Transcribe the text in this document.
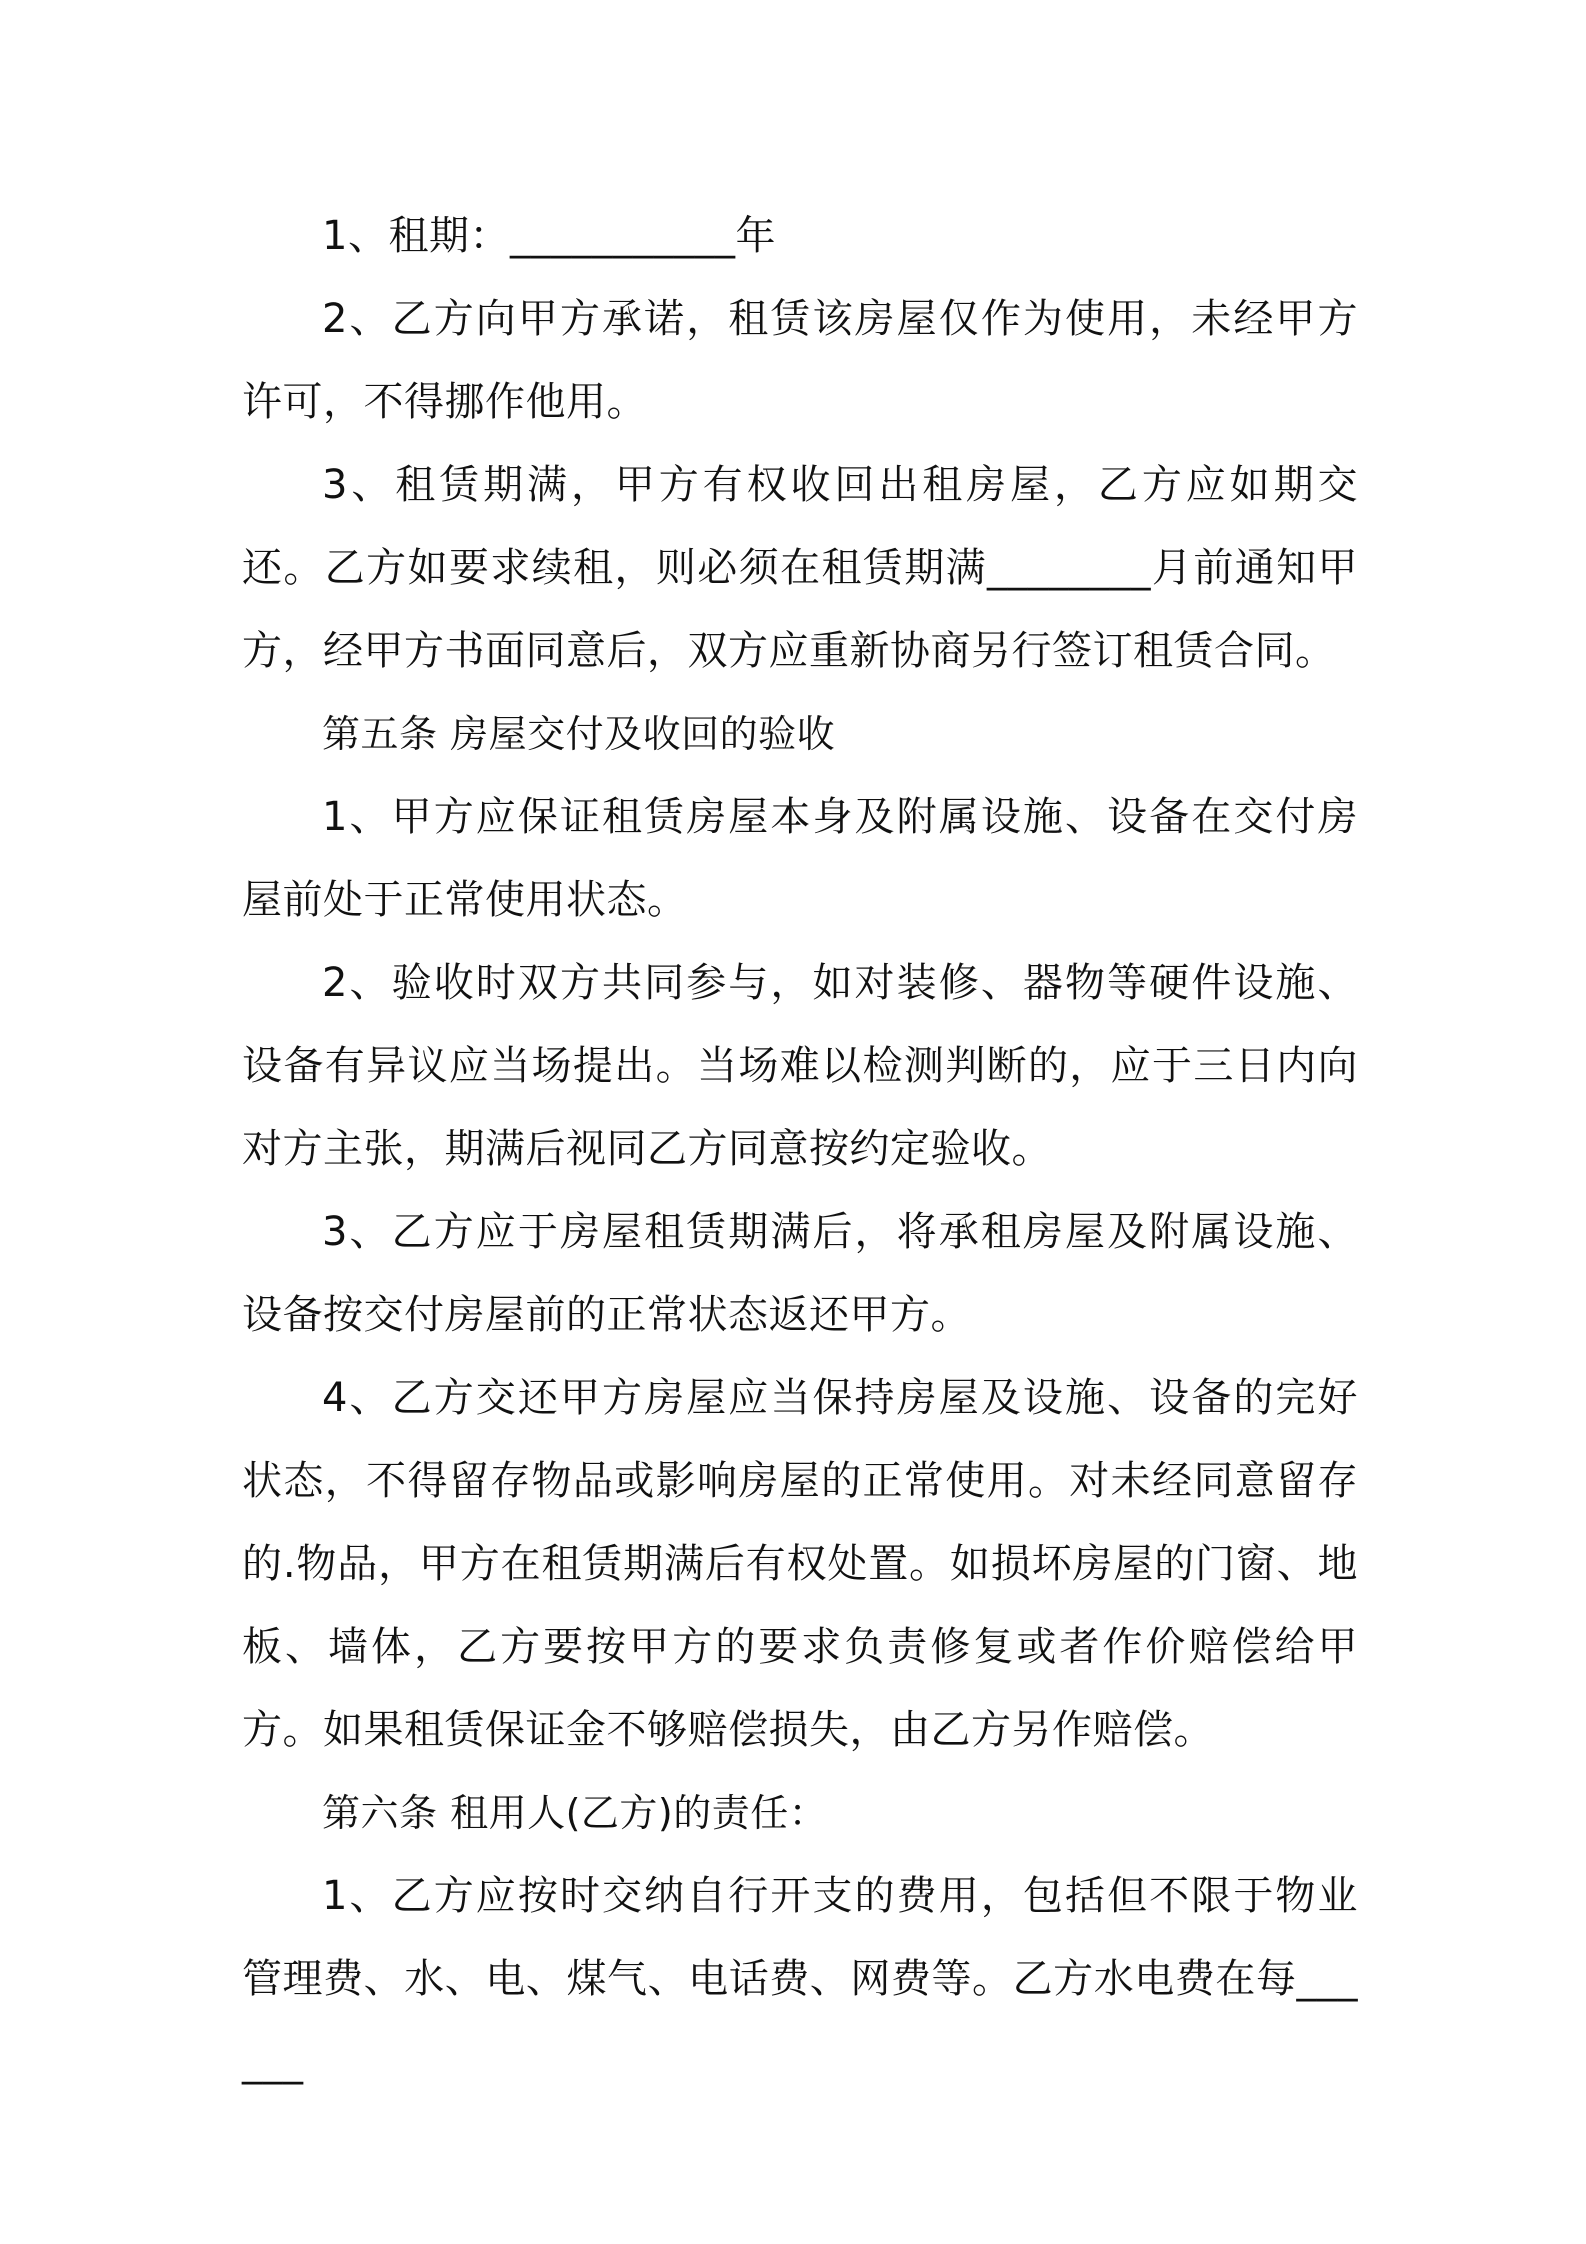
1、租期：___________年

2、乙方向甲方承诺，租赁该房屋仅作为使用，未经甲方许可，不得挪作他用。

3、租赁期满，甲方有权收回出租房屋，乙方应如期交还。乙方如要求续租，则必须在租赁期满________月前通知甲方，经甲方书面同意后，双方应重新协商另行签订租赁合同。

第五条 房屋交付及收回的验收

1、甲方应保证租赁房屋本身及附属设施、设备在交付房屋前处于正常使用状态。

2、验收时双方共同参与，如对装修、器物等硬件设施、设备有异议应当场提出。当场难以检测判断的，应于三日内向对方主张，期满后视同乙方同意按约定验收。

3、乙方应于房屋租赁期满后，将承租房屋及附属设施、设备按交付房屋前的正常状态返还甲方。

4、乙方交还甲方房屋应当保持房屋及设施、设备的完好状态，不得留存物品或影响房屋的正常使用。对未经同意留存的.物品，甲方在租赁期满后有权处置。如损坏房屋的门窗、地板、墙体，乙方要按甲方的要求负责修复或者作价赔偿给甲方。如果租赁保证金不够赔偿损失，由乙方另作赔偿。

第六条 租用人(乙方)的责任：

1、乙方应按时交纳自行开支的费用，包括但不限于物业管理费、水、电、煤气、电话费、网费等。乙方水电费在每______
